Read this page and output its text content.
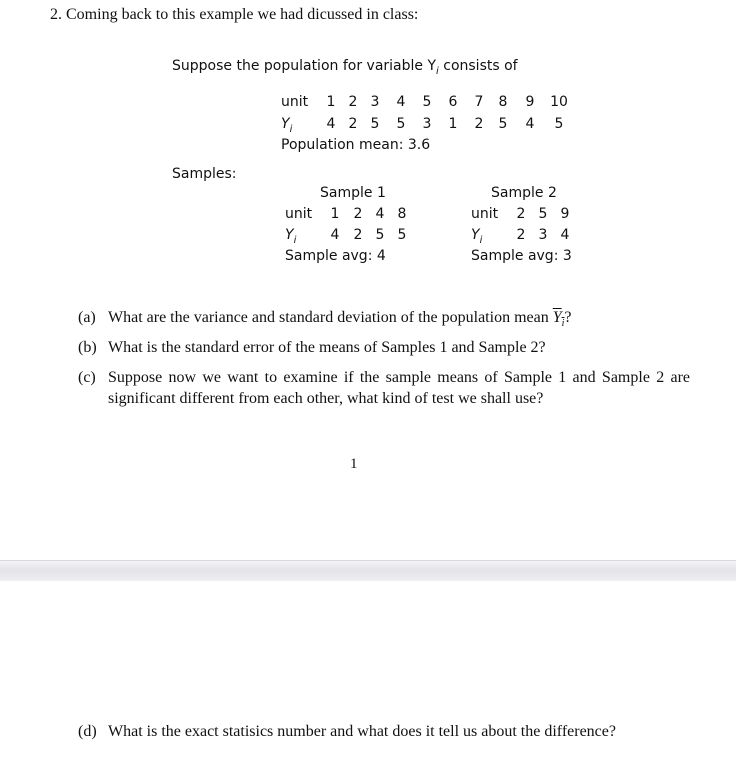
2. Coming back to this example we had dicussed in class:
Suppose the population for variable $Y_i$ consists of
unit	1 2 3	4	5	6	7	8	9	10
$Y_i$	4 2 5	5	3	1	2	5	4	5
Population mean: 3.6
Samples:
Sample 1
unit	1	2 4 8
$Y_i$	4	2 5 5
Sample avg: 4
Sample 2
unit	2 5 9
$Y_i$	2 3 4
Sample avg: 3
(a) What are the variance and standard deviation of the population mean $Y_i$?
(b) What is the standard error of the means of Samples 1 and Sample 2?
(c) Suppose now we want to examine if the sample means of Sample 1 and Sample 2 are significant different from each other, what kind of test we shall use?
1
(d) What is the exact statisics number and what does it tell us about the difference?
